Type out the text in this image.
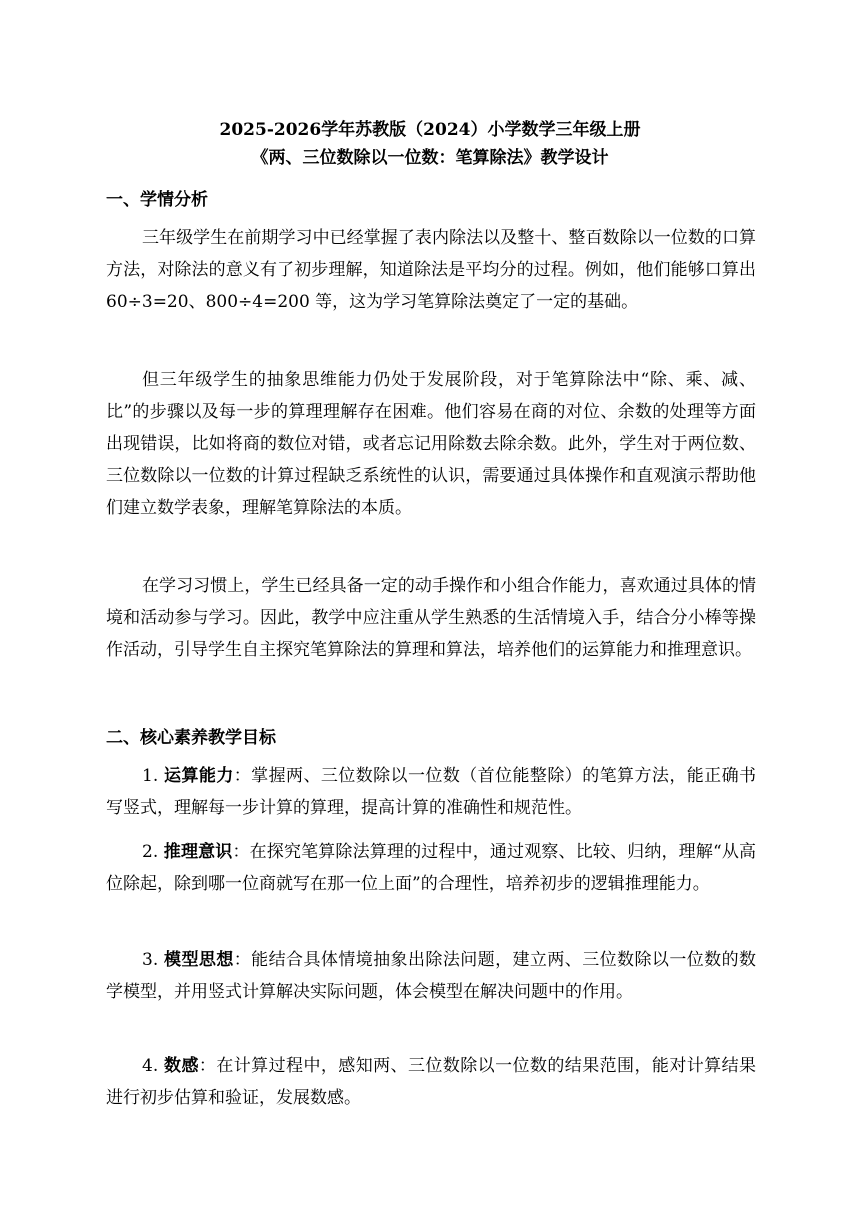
2025-2026学年苏教版（2024）小学数学三年级上册
《两、三位数除以一位数：笔算除法》教学设计
一、学情分析
三年级学生在前期学习中已经掌握了表内除法以及整十、整百数除以一位数的口算方法，对除法的意义有了初步理解，知道除法是平均分的过程。例如，他们能够口算出 60÷3=20、800÷4=200 等，这为学习笔算除法奠定了一定的基础。
但三年级学生的抽象思维能力仍处于发展阶段，对于笔算除法中“除、乘、减、比”的步骤以及每一步的算理理解存在困难。他们容易在商的对位、余数的处理等方面出现错误，比如将商的数位对错，或者忘记用除数去除余数。此外，学生对于两位数、三位数除以一位数的计算过程缺乏系统性的认识，需要通过具体操作和直观演示帮助他们建立数学表象，理解笔算除法的本质。
在学习习惯上，学生已经具备一定的动手操作和小组合作能力，喜欢通过具体的情境和活动参与学习。因此，教学中应注重从学生熟悉的生活情境入手，结合分小棒等操作活动，引导学生自主探究笔算除法的算理和算法，培养他们的运算能力和推理意识。
二、核心素养教学目标
1. 运算能力：掌握两、三位数除以一位数（首位能整除）的笔算方法，能正确书写竖式，理解每一步计算的算理，提高计算的准确性和规范性。
2. 推理意识：在探究笔算除法算理的过程中，通过观察、比较、归纳，理解“从高位除起，除到哪一位商就写在那一位上面”的合理性，培养初步的逻辑推理能力。
3. 模型思想：能结合具体情境抽象出除法问题，建立两、三位数除以一位数的数学模型，并用竖式计算解决实际问题，体会模型在解决问题中的作用。
4. 数感：在计算过程中，感知两、三位数除以一位数的结果范围，能对计算结果进行初步估算和验证，发展数感。
